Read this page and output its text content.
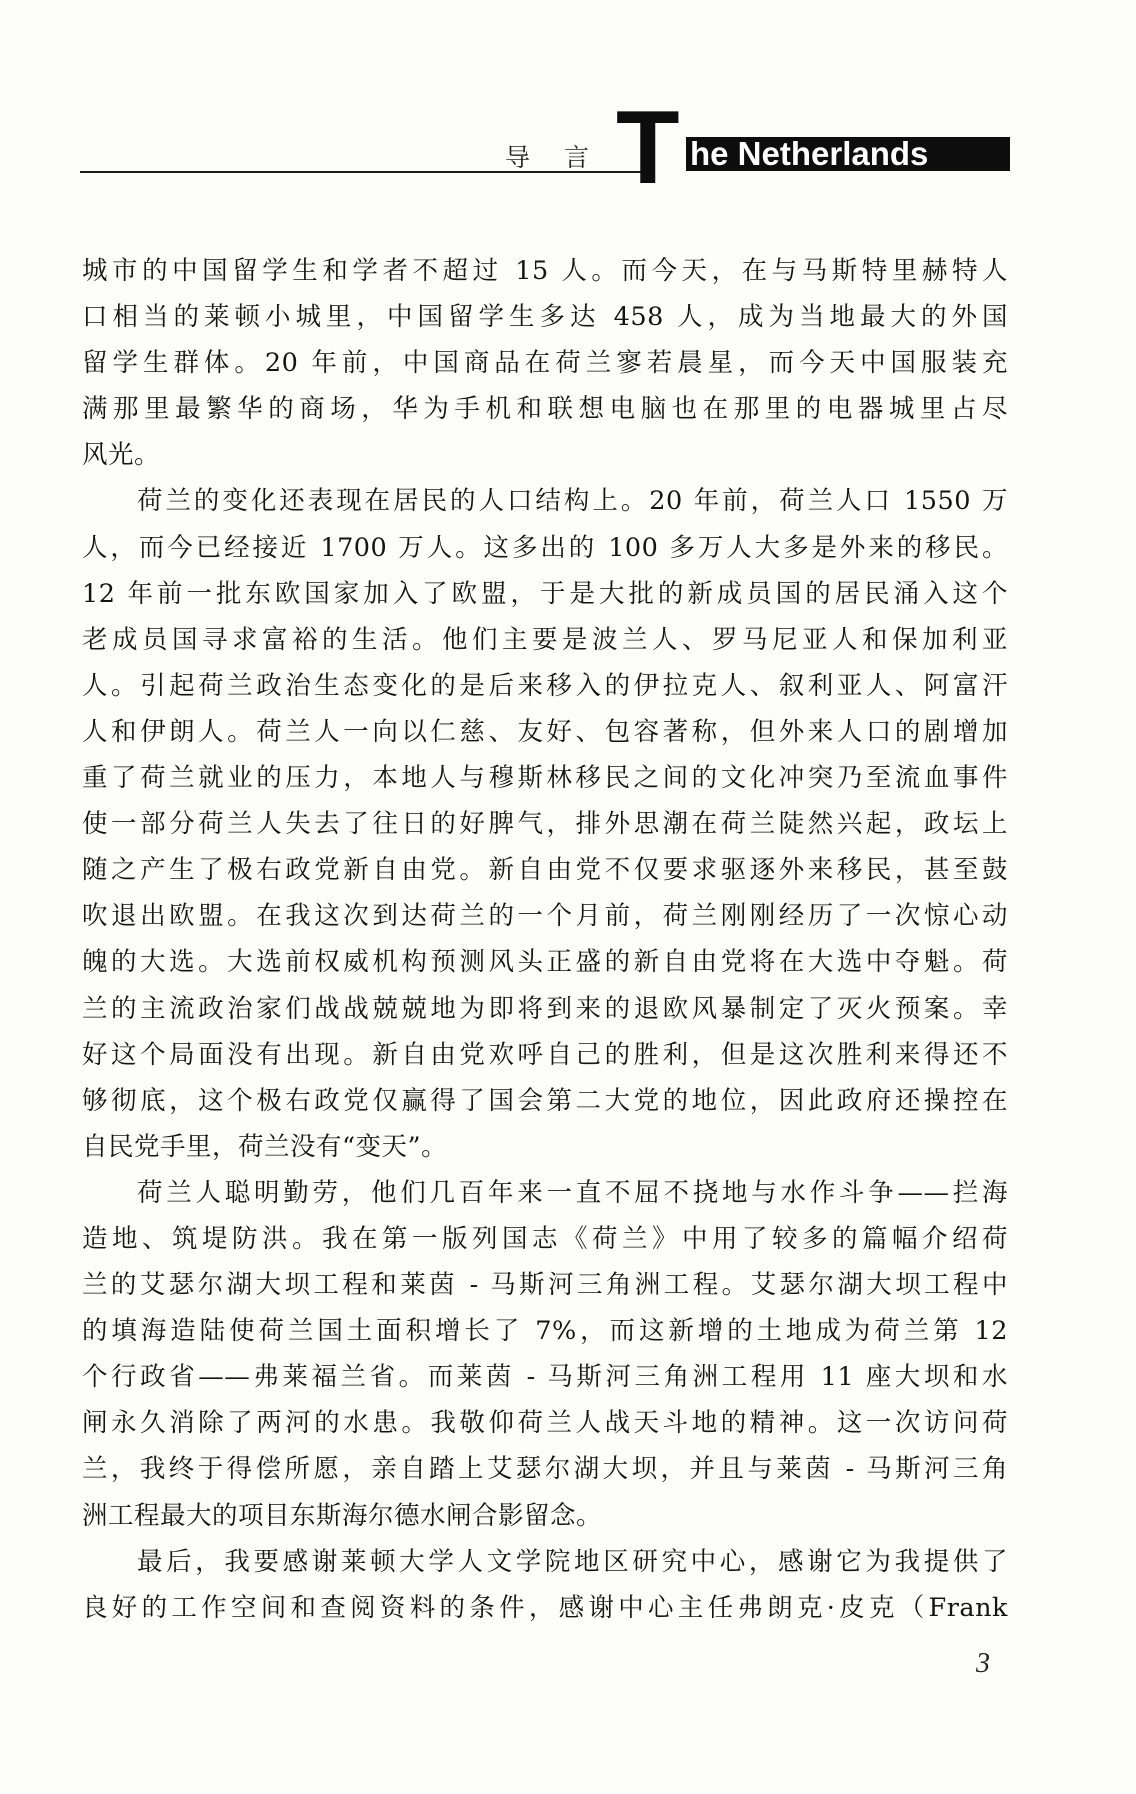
导言
T he Netherlands
城市的中国留学生和学者不超过 15 人。而今天，在与马斯特里赫特人
口相当的莱顿小城里，中国留学生多达 458 人，成为当地最大的外国
留学生群体。20 年前，中国商品在荷兰寥若晨星，而今天中国服装充
满那里最繁华的商场，华为手机和联想电脑也在那里的电器城里占尽
风光。
荷兰的变化还表现在居民的人口结构上。20 年前，荷兰人口 1550 万
人，而今已经接近 1700 万人。这多出的 100 多万人大多是外来的移民。
12 年前一批东欧国家加入了欧盟，于是大批的新成员国的居民涌入这个
老成员国寻求富裕的生活。他们主要是波兰人、罗马尼亚人和保加利亚
人。引起荷兰政治生态变化的是后来移入的伊拉克人、叙利亚人、阿富汗
人和伊朗人。荷兰人一向以仁慈、友好、包容著称，但外来人口的剧增加
重了荷兰就业的压力，本地人与穆斯林移民之间的文化冲突乃至流血事件
使一部分荷兰人失去了往日的好脾气，排外思潮在荷兰陡然兴起，政坛上
随之产生了极右政党新自由党。新自由党不仅要求驱逐外来移民，甚至鼓
吹退出欧盟。在我这次到达荷兰的一个月前，荷兰刚刚经历了一次惊心动
魄的大选。大选前权威机构预测风头正盛的新自由党将在大选中夺魁。荷
兰的主流政治家们战战兢兢地为即将到来的退欧风暴制定了灭火预案。幸
好这个局面没有出现。新自由党欢呼自己的胜利，但是这次胜利来得还不
够彻底，这个极右政党仅赢得了国会第二大党的地位，因此政府还操控在
自民党手里，荷兰没有“变天”。
荷兰人聪明勤劳，他们几百年来一直不屈不挠地与水作斗争——拦海
造地、筑堤防洪。我在第一版列国志《荷兰》中用了较多的篇幅介绍荷
兰的艾瑟尔湖大坝工程和莱茵 - 马斯河三角洲工程。艾瑟尔湖大坝工程中
的填海造陆使荷兰国土面积增长了 7%，而这新增的土地成为荷兰第 12
个行政省——弗莱福兰省。而莱茵 - 马斯河三角洲工程用 11 座大坝和水
闸永久消除了两河的水患。我敬仰荷兰人战天斗地的精神。这一次访问荷
兰，我终于得偿所愿，亲自踏上艾瑟尔湖大坝，并且与莱茵 - 马斯河三角
洲工程最大的项目东斯海尔德水闸合影留念。
最后，我要感谢莱顿大学人文学院地区研究中心，感谢它为我提供了
良好的工作空间和查阅资料的条件，感谢中心主任弗朗克·皮克（Frank
3
